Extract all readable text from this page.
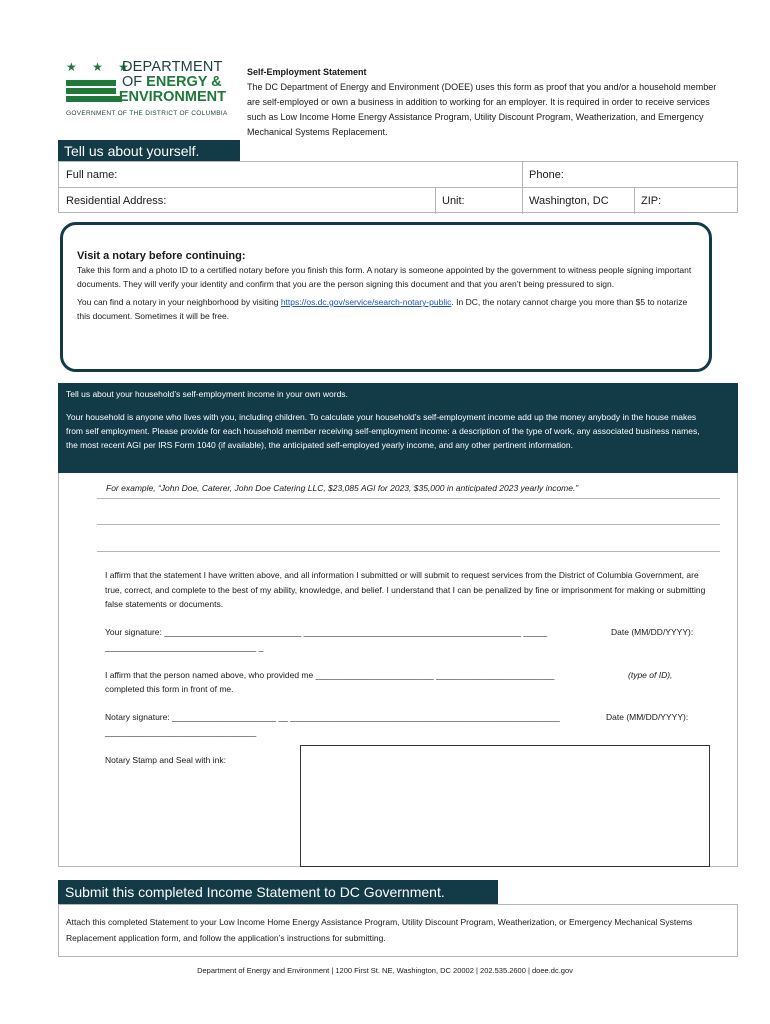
★ ★ ★
DEPARTMENT
OF ENERGY &
ENVIRONMENT
GOVERNMENT OF THE DISTRICT OF COLUMBIA
Self-Employment Statement
The DC Department of Energy and Environment (DOEE) uses this form as proof that you and/or a household member are self-employed or own a business in addition to working for an employer. It is required in order to receive services such as Low Income Home Energy Assistance Program, Utility Discount Program, Weatherization, and Emergency Mechanical Systems Replacement.
Tell us about yourself.
Full name:	Phone:
Residential Address:	Unit:	Washington, DC	ZIP:
Visit a notary before continuing:

Take this form and a photo ID to a certified notary before you finish this form. A notary is someone appointed by the government to witness people signing important documents. They will verify your identity and confirm that you are the person signing this document and that you aren’t being pressured to sign.

You can find a notary in your neighborhood by visiting https://os.dc.gov/service/search-notary-public. In DC, the notary cannot charge you more than $5 to notarize this document. Sometimes it will be free.

Tell us about your household’s self-employment income in your own words.

Your household is anyone who lives with you, including children. To calculate your household’s self-employment income add up the money anybody in the house makes from self employment. Please provide for each household member receiving self-employment income: a description of the type of work, any associated business names, the most recent AGI per IRS Form 1040 (if available), the anticipated self-employed yearly income, and any other pertinent information.

For example, “John Doe, Caterer, John Doe Catering LLC, $23,085 AGI for 2023, $35,000 in anticipated 2023 yearly income.”
I affirm that the statement I have written above, and all information I submitted or will submit to request services from the District of Columbia Government, are true, correct, and complete to the best of my ability, knowledge, and belief. I understand that I can be penalized by fine or imprisonment for making or submitting false statements or documents.
Your signature: _____________________________ ______________________________________________ _____	Date (MM/DD/YYYY):
________________________________ _
I affirm that the person named above, who provided me _________________________ _________________________	(type of ID),
completed this form in front of me.
Notary signature: ______________________ __ _________________________________________________________	Date (MM/DD/YYYY):
________________________________
Notary Stamp and Seal with ink:
Submit this completed Income Statement to DC Government.
Attach this completed Statement to your Low Income Home Energy Assistance Program, Utility Discount Program, Weatherization, or Emergency Mechanical Systems Replacement application form, and follow the application’s instructions for submitting.
Department of Energy and Environment | 1200 First St. NE, Washington, DC 20002 | 202.535.2600 | doee.dc.gov
